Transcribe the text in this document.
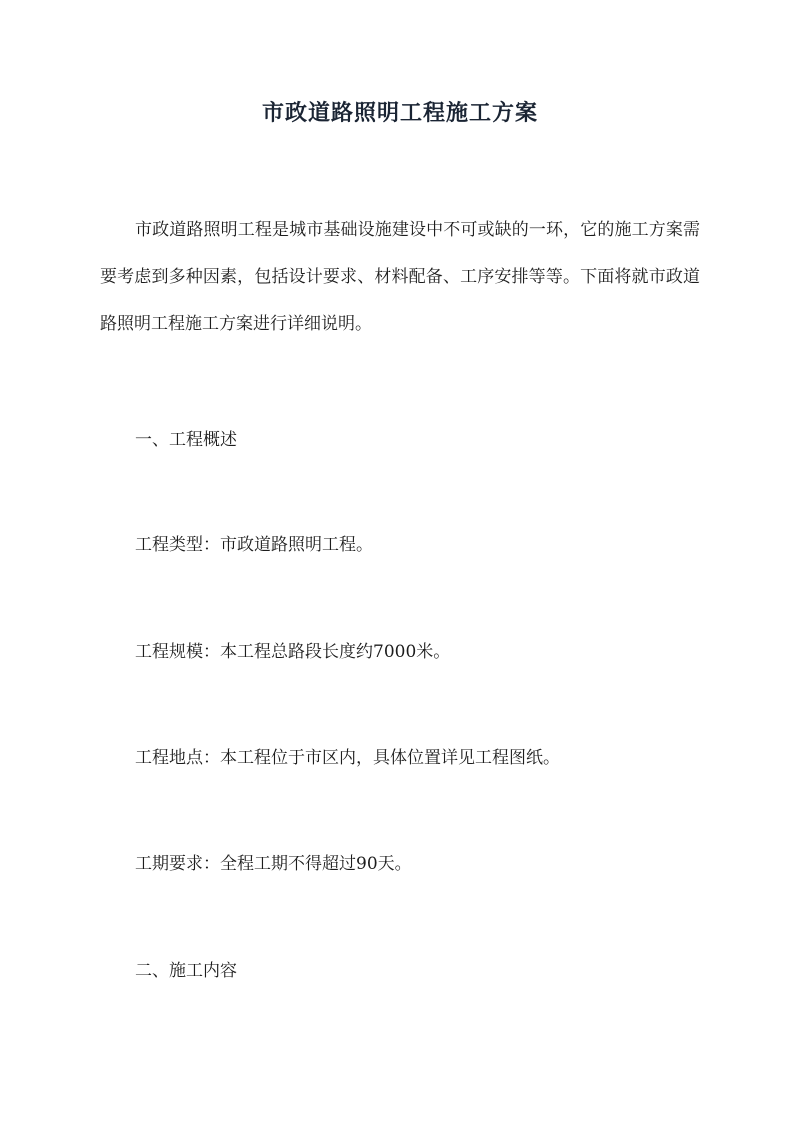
市政道路照明工程施工方案

市政道路照明工程是城市基础设施建设中不可或缺的一环，它的施工方案需要考虑到多种因素，包括设计要求、材料配备、工序安排等等。下面将就市政道路照明工程施工方案进行详细说明。

一、工程概述

工程类型：市政道路照明工程。

工程规模：本工程总路段长度约7000米。

工程地点：本工程位于市区内，具体位置详见工程图纸。

工期要求：全程工期不得超过90天。

二、施工内容
